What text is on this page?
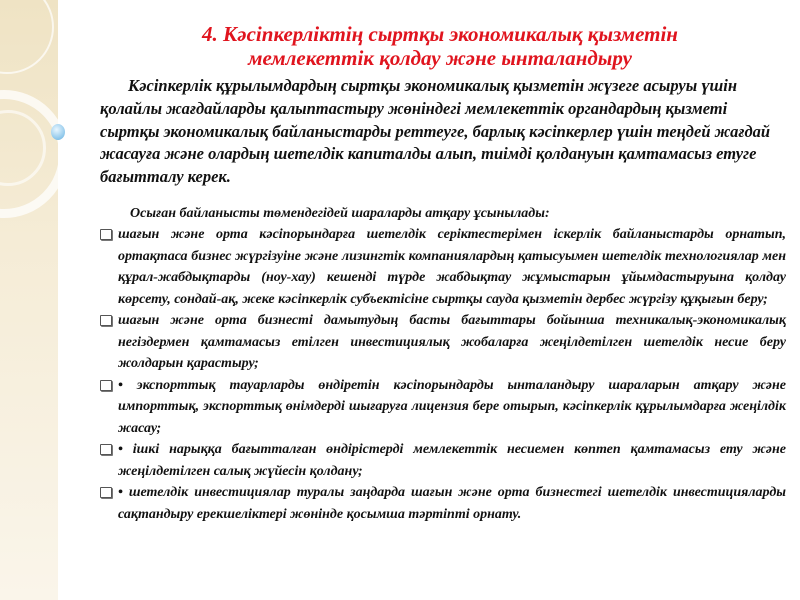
4. Кәсіпкерліктің сыртқы экономикалық қызметін
мемлекеттік қолдау және ынталандыру
Кәсіпкерлік құрылымдардың сыртқы экономикалық қызметін жүзеге асыруы үшін қолайлы жағдайларды қалыптастыру жөніндегі мемлекеттік органдардың қызметі сыртқы экономикалық байланыстарды реттеуге, барлық кәсіпкерлер үшін теңдей жағдай жасауға және олардың шетелдік капиталды алып, тиімді қолдануын қамтамасыз етуге бағытталу керек.
Осыған байланысты төмендегідей шараларды атқару ұсынылады:
шағын және орта кәсіпорындарға шетелдік серіктестерімен іскерлік байланыстарды орнатып, ортақтаса бизнес жүргізуіне және лизингтік компаниялардың қатысуымен шетелдік технологиялар мен құрал-жабдықтарды (ноу-хау) кешенді түрде жабдықтау жұмыстарын ұйымдастыруына қолдау көрсету, сондай-ақ, жеке кәсіпкерлік субъектісіне сыртқы сауда қызметін дербес жүргізу құқығын беру;
шағын және орта бизнесті дамытудың басты бағыттары бойынша техникалық-экономикалық негіздермен қамтамасыз етілген инвестициялық жобаларға жеңілдетілген шетелдік несие беру жолдарын қарастыру;
• экспорттық тауарларды өндіретін кәсіпорындарды ынталандыру шараларын атқару және импорттық, экспорттық өнімдерді шығаруға лицензия бере отырып, кәсіпкерлік құрылымдарға жеңілдік жасау;
• ішкі нарыққа бағытталған өндірістерді мемлекеттік несиемен көптеп қамтамасыз ету және жеңілдетілген салық жүйесін қолдану;
• шетелдік инвестициялар туралы заңдарда шағын және орта бизнестегі шетелдік инвестицияларды сақтандыру ерекшеліктері жөнінде қосымша тәртіпті орнату.
